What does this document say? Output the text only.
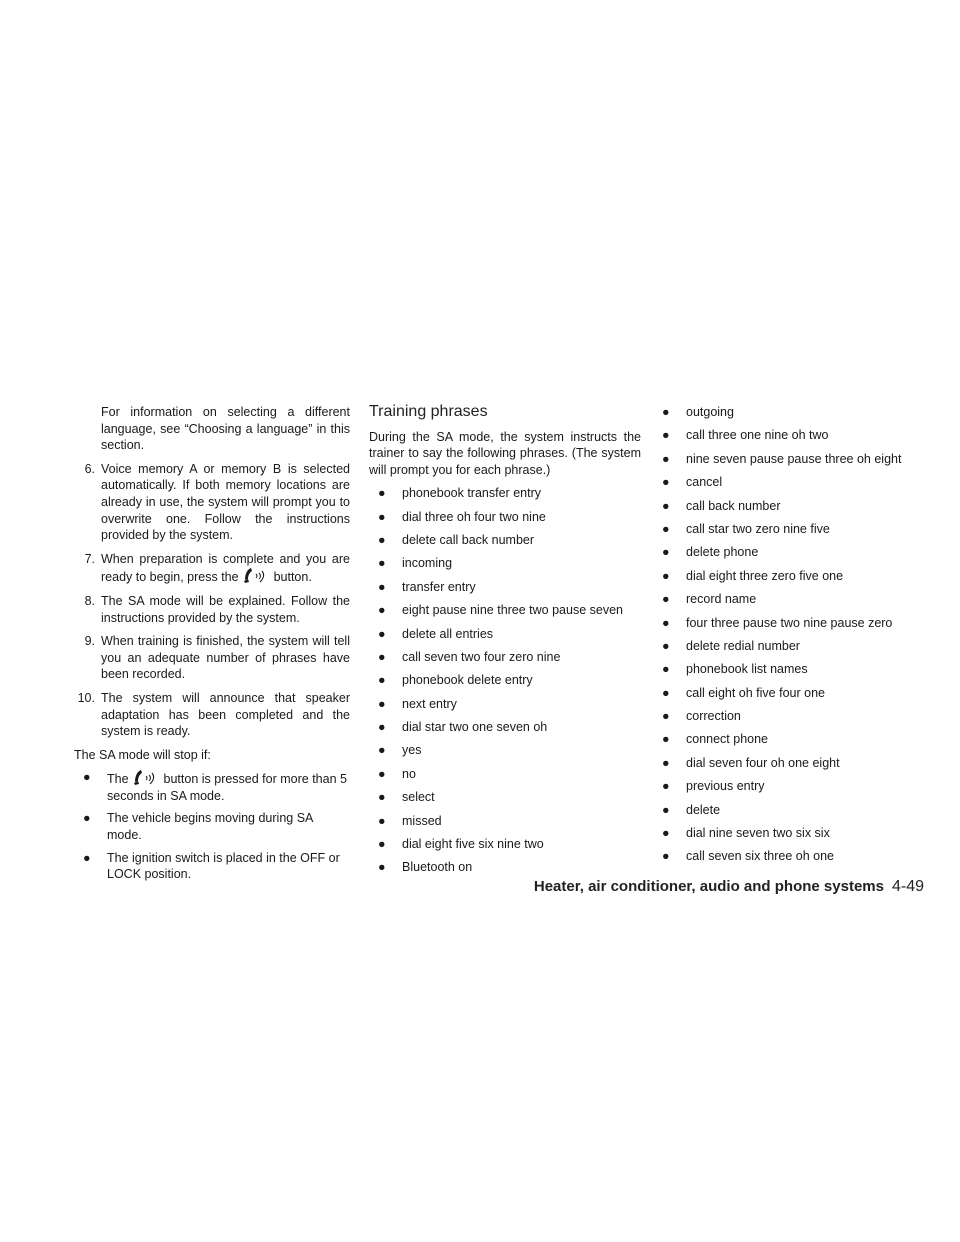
For information on selecting a different language, see “Choosing a language” in this section.

6. Voice memory A or memory B is selected automatically. If both memory locations are already in use, the system will prompt you to overwrite one. Follow the instructions provided by the system.
7. When preparation is complete and you are ready to begin, press the	button.
8. The SA mode will be explained. Follow the instructions provided by the system.
9. When training is finished, the system will tell you an adequate number of phrases have been recorded.
10. The system will announce that speaker adaptation has been completed and the system is ready.

The SA mode will stop if:

●	The	button is pressed for more than 5 seconds in SA mode.
●	The vehicle begins moving during SA mode.
●	The ignition switch is placed in the OFF or LOCK position.
Training phrases

During the SA mode, the system instructs the trainer to say the following phrases. (The system will prompt you for each phrase.)

●	phonebook transfer entry
●	dial three oh four two nine
●	delete call back number
●	incoming
●	transfer entry
●	eight pause nine three two pause seven
●	delete all entries
●	call seven two four zero nine
●	phonebook delete entry
●	next entry
●	dial star two one seven oh
●	yes
●	no
●	select
●	missed
●	dial eight five six nine two
●	Bluetooth on
●	outgoing
●	call three one nine oh two
●	nine seven pause pause three oh eight
●	cancel
●	call back number
●	call star two zero nine five
●	delete phone
●	dial eight three zero five one
●	record name
●	four three pause two nine pause zero
●	delete redial number
●	phonebook list names
●	call eight oh five four one
●	correction
●	connect phone
●	dial seven four oh one eight
●	previous entry
●	delete
●	dial nine seven two six six
●	call seven six three oh one
Heater, air conditioner, audio and phone systems 4-49
